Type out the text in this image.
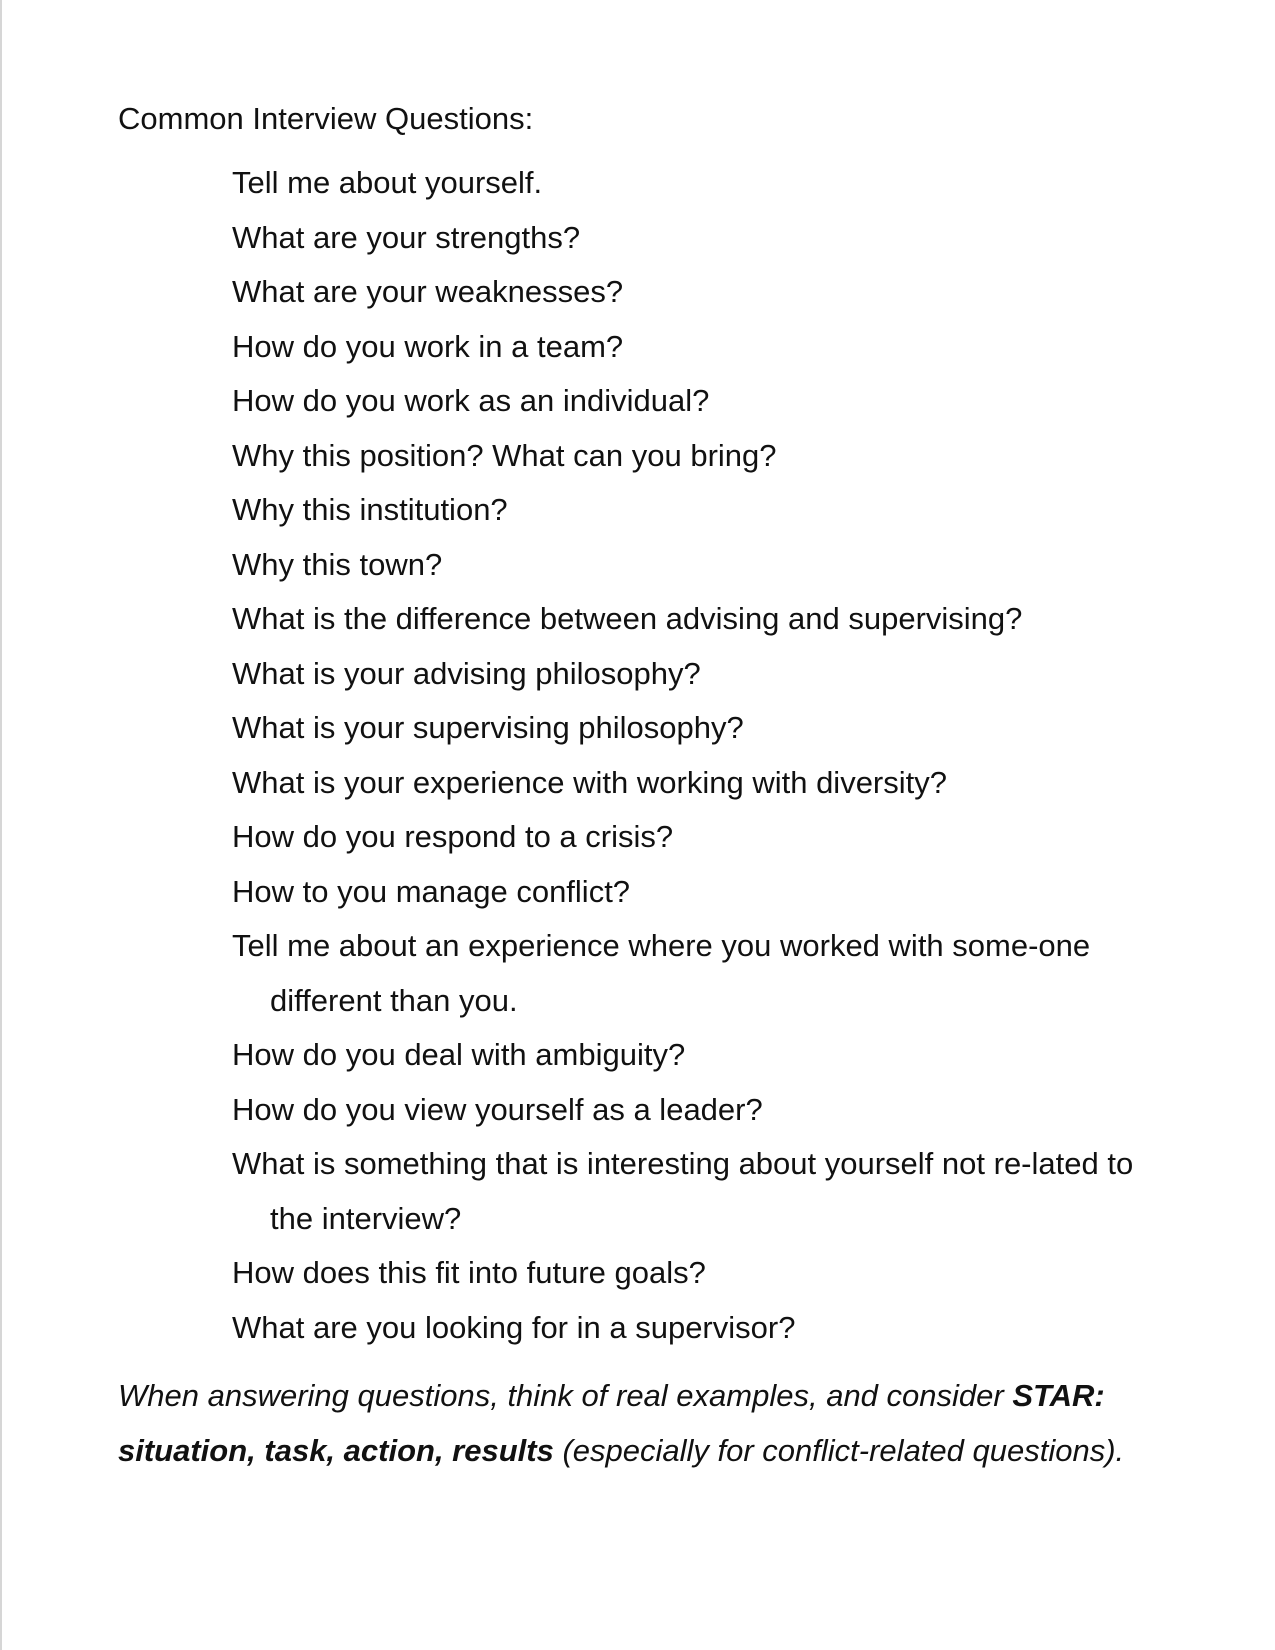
Common Interview Questions:
Tell me about yourself.
What are your strengths?
What are your weaknesses?
How do you work in a team?
How do you work as an individual?
Why this position? What can you bring?
Why this institution?
Why this town?
What is the difference between advising and supervising?
What is your advising philosophy?
What is your supervising philosophy?
What is your experience with working with diversity?
How do you respond to a crisis?
How to you manage conflict?
Tell me about an experience where you worked with some-one different than you.
How do you deal with ambiguity?
How do you view yourself as a leader?
What is something that is interesting about yourself not re-lated to the interview?
How does this fit into future goals?
What are you looking for in a supervisor?

When answering questions, think of real examples, and consider STAR: situation, task, action, results (especially for conflict-related questions).
